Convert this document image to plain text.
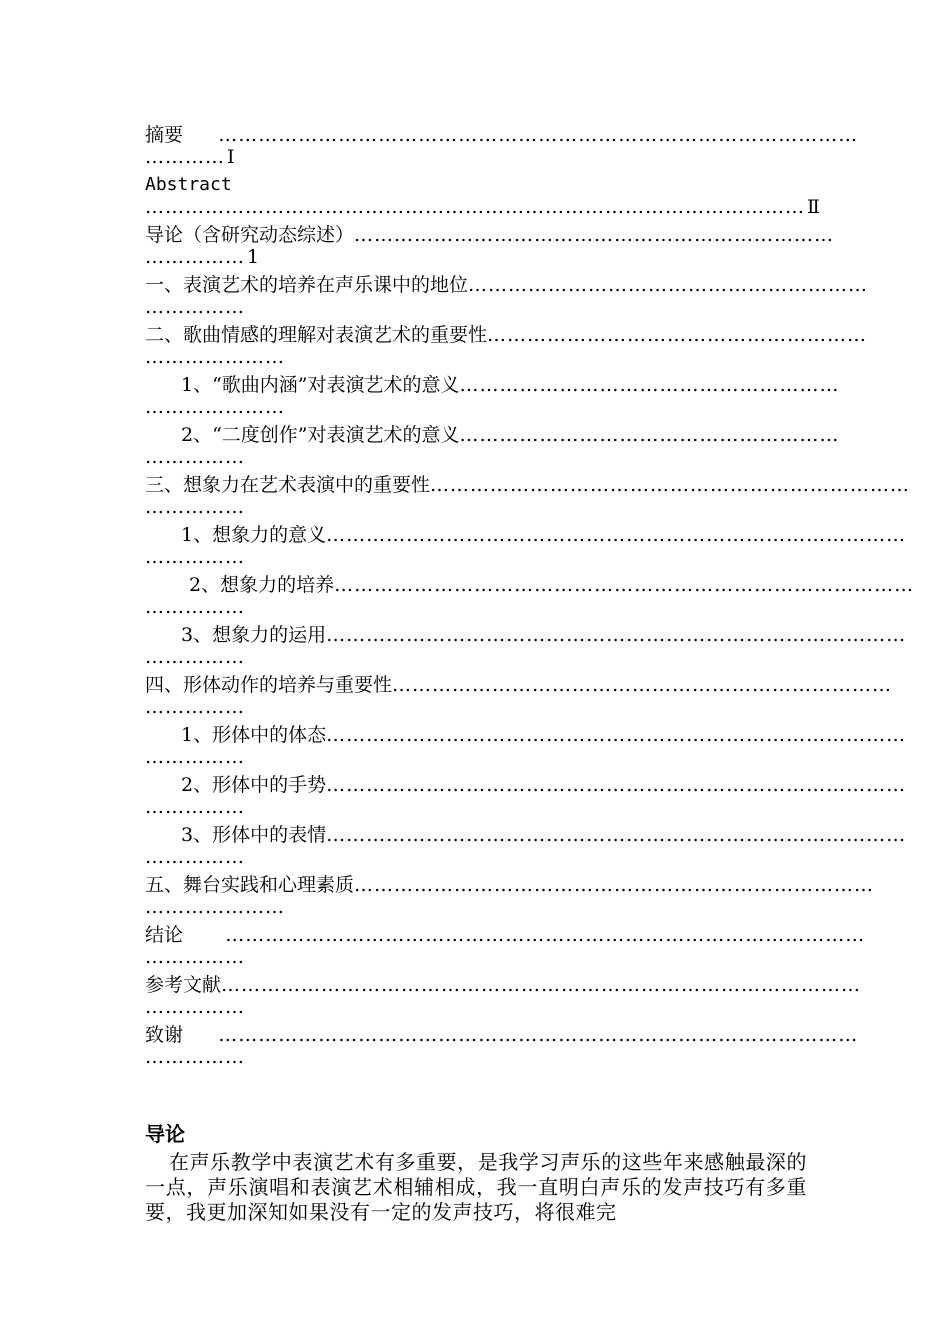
摘要     ……………………………………………………………………………………
………… Ⅰ
Abstract
……………………………………………………………………………………… Ⅱ
导论（含研究动态综述）………………………………………………………………
…………… 1
一、表演艺术的培养在声乐课中的地位……………………………………………………
……………
二、歌曲情感的理解对表演艺术的重要性…………………………………………………
…………………
1、“歌曲内涵”对表演艺术的意义…………………………………………………
…………………
2、“二度创作”对表演艺术的意义…………………………………………………
……………
三、想象力在艺术表演中的重要性………………………………………………………………
……………
1、想象力的意义……………………………………………………………………………
……………
2、想象力的培养……………………………………………………………………………
……………
3、想象力的运用……………………………………………………………………………
……………
四、形体动作的培养与重要性…………………………………………………………………
……………
1、形体中的体态……………………………………………………………………………
……………
2、形体中的手势……………………………………………………………………………
……………
3、形体中的表情……………………………………………………………………………
……………
五、舞台实践和心理素质……………………………………………………………………
…………………
结论      ……………………………………………………………………………………
……………
参考文献……………………………………………………………………………………
……………
致谢     ……………………………………………………………………………………
……………
导论

在声乐教学中表演艺术有多重要，是我学习声乐的这些年来感触最深的一点，声乐演唱和表演艺术相辅相成，我一直明白声乐的发声技巧有多重要，我更加深知如果没有一定的发声技巧，将很难完
